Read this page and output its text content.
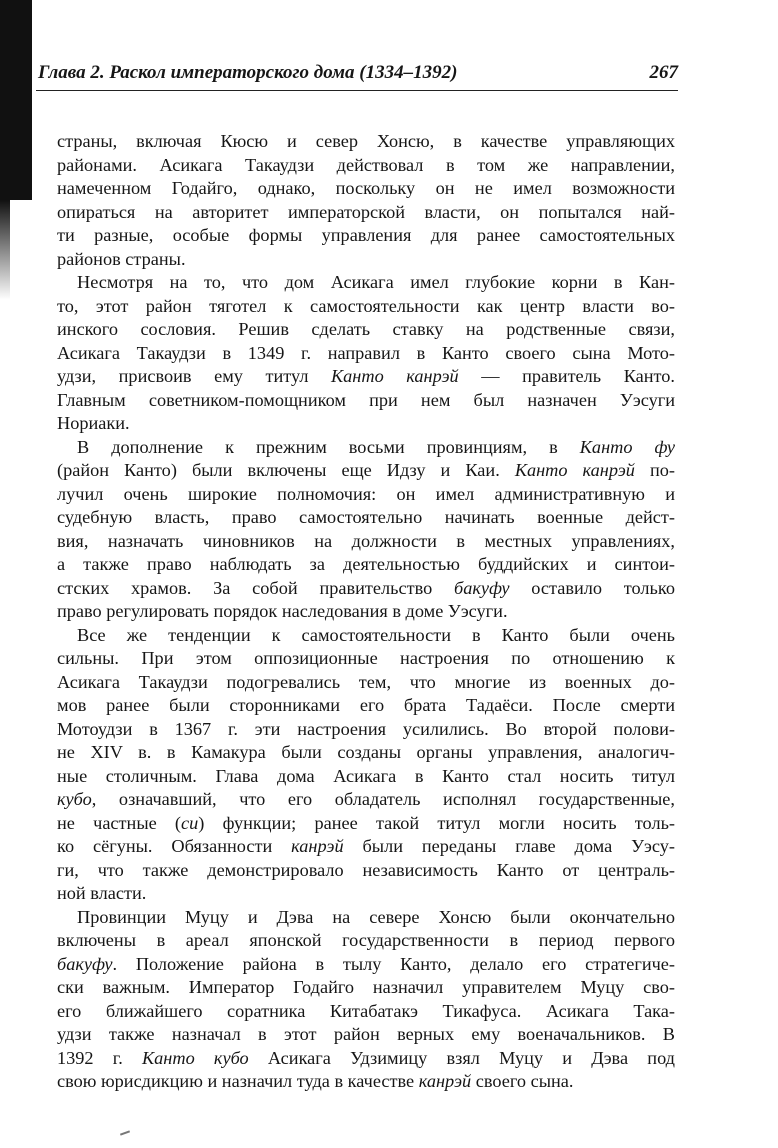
Глава 2. Раскол императорского дома (1334–1392)	267
страны, включая Кюсю и север Хонсю, в качестве управляющих
районами. Асикага Такаудзи действовал в том же направлении,
намеченном Годайго, однако, поскольку он не имел возможности
опираться на авторитет императорской власти, он попытался най-
ти разные, особые формы управления для ранее самостоятельных
районов страны.
Несмотря на то, что дом Асикага имел глубокие корни в Кан-
то, этот район тяготел к самостоятельности как центр власти во-
инского сословия. Решив сделать ставку на родственные связи,
Асикага Такаудзи в 1349 г. направил в Канто своего сына Мото-
удзи, присвоив ему титул Канто канрэй — правитель Канто.
Главным советником-помощником при нем был назначен Уэсуги
Нориаки.
В дополнение к прежним восьми провинциям, в Канто фу
(район Канто) были включены еще Идзу и Каи. Канто канрэй по-
лучил очень широкие полномочия: он имел административную и
судебную власть, право самостоятельно начинать военные дейст-
вия, назначать чиновников на должности в местных управлениях,
а также право наблюдать за деятельностью буддийских и синтои-
стских храмов. За собой правительство бакуфу оставило только
право регулировать порядок наследования в доме Уэсуги.
Все же тенденции к самостоятельности в Канто были очень
сильны. При этом оппозиционные настроения по отношению к
Асикага Такаудзи подогревались тем, что многие из военных до-
мов ранее были сторонниками его брата Тадаёси. После смерти
Мотоудзи в 1367 г. эти настроения усилились. Во второй полови-
не XIV в. в Камакура были созданы органы управления, аналогич-
ные столичным. Глава дома Асикага в Канто стал носить титул
кубо, означавший, что его обладатель исполнял государственные,
не частные (си) функции; ранее такой титул могли носить толь-
ко сёгуны. Обязанности канрэй были переданы главе дома Уэсу-
ги, что также демонстрировало независимость Канто от централь-
ной власти.
Провинции Муцу и Дэва на севере Хонсю были окончательно
включены в ареал японской государственности в период первого
бакуфу. Положение района в тылу Канто, делало его стратегиче-
ски важным. Император Годайго назначил управителем Муцу сво-
его ближайшего соратника Китабатакэ Тикафуса. Асикага Така-
удзи также назначал в этот район верных ему военачальников. В
1392 г. Канто кубо Асикага Удзимицу взял Муцу и Дэва под
свою юрисдикцию и назначил туда в качестве канрэй своего сына.
